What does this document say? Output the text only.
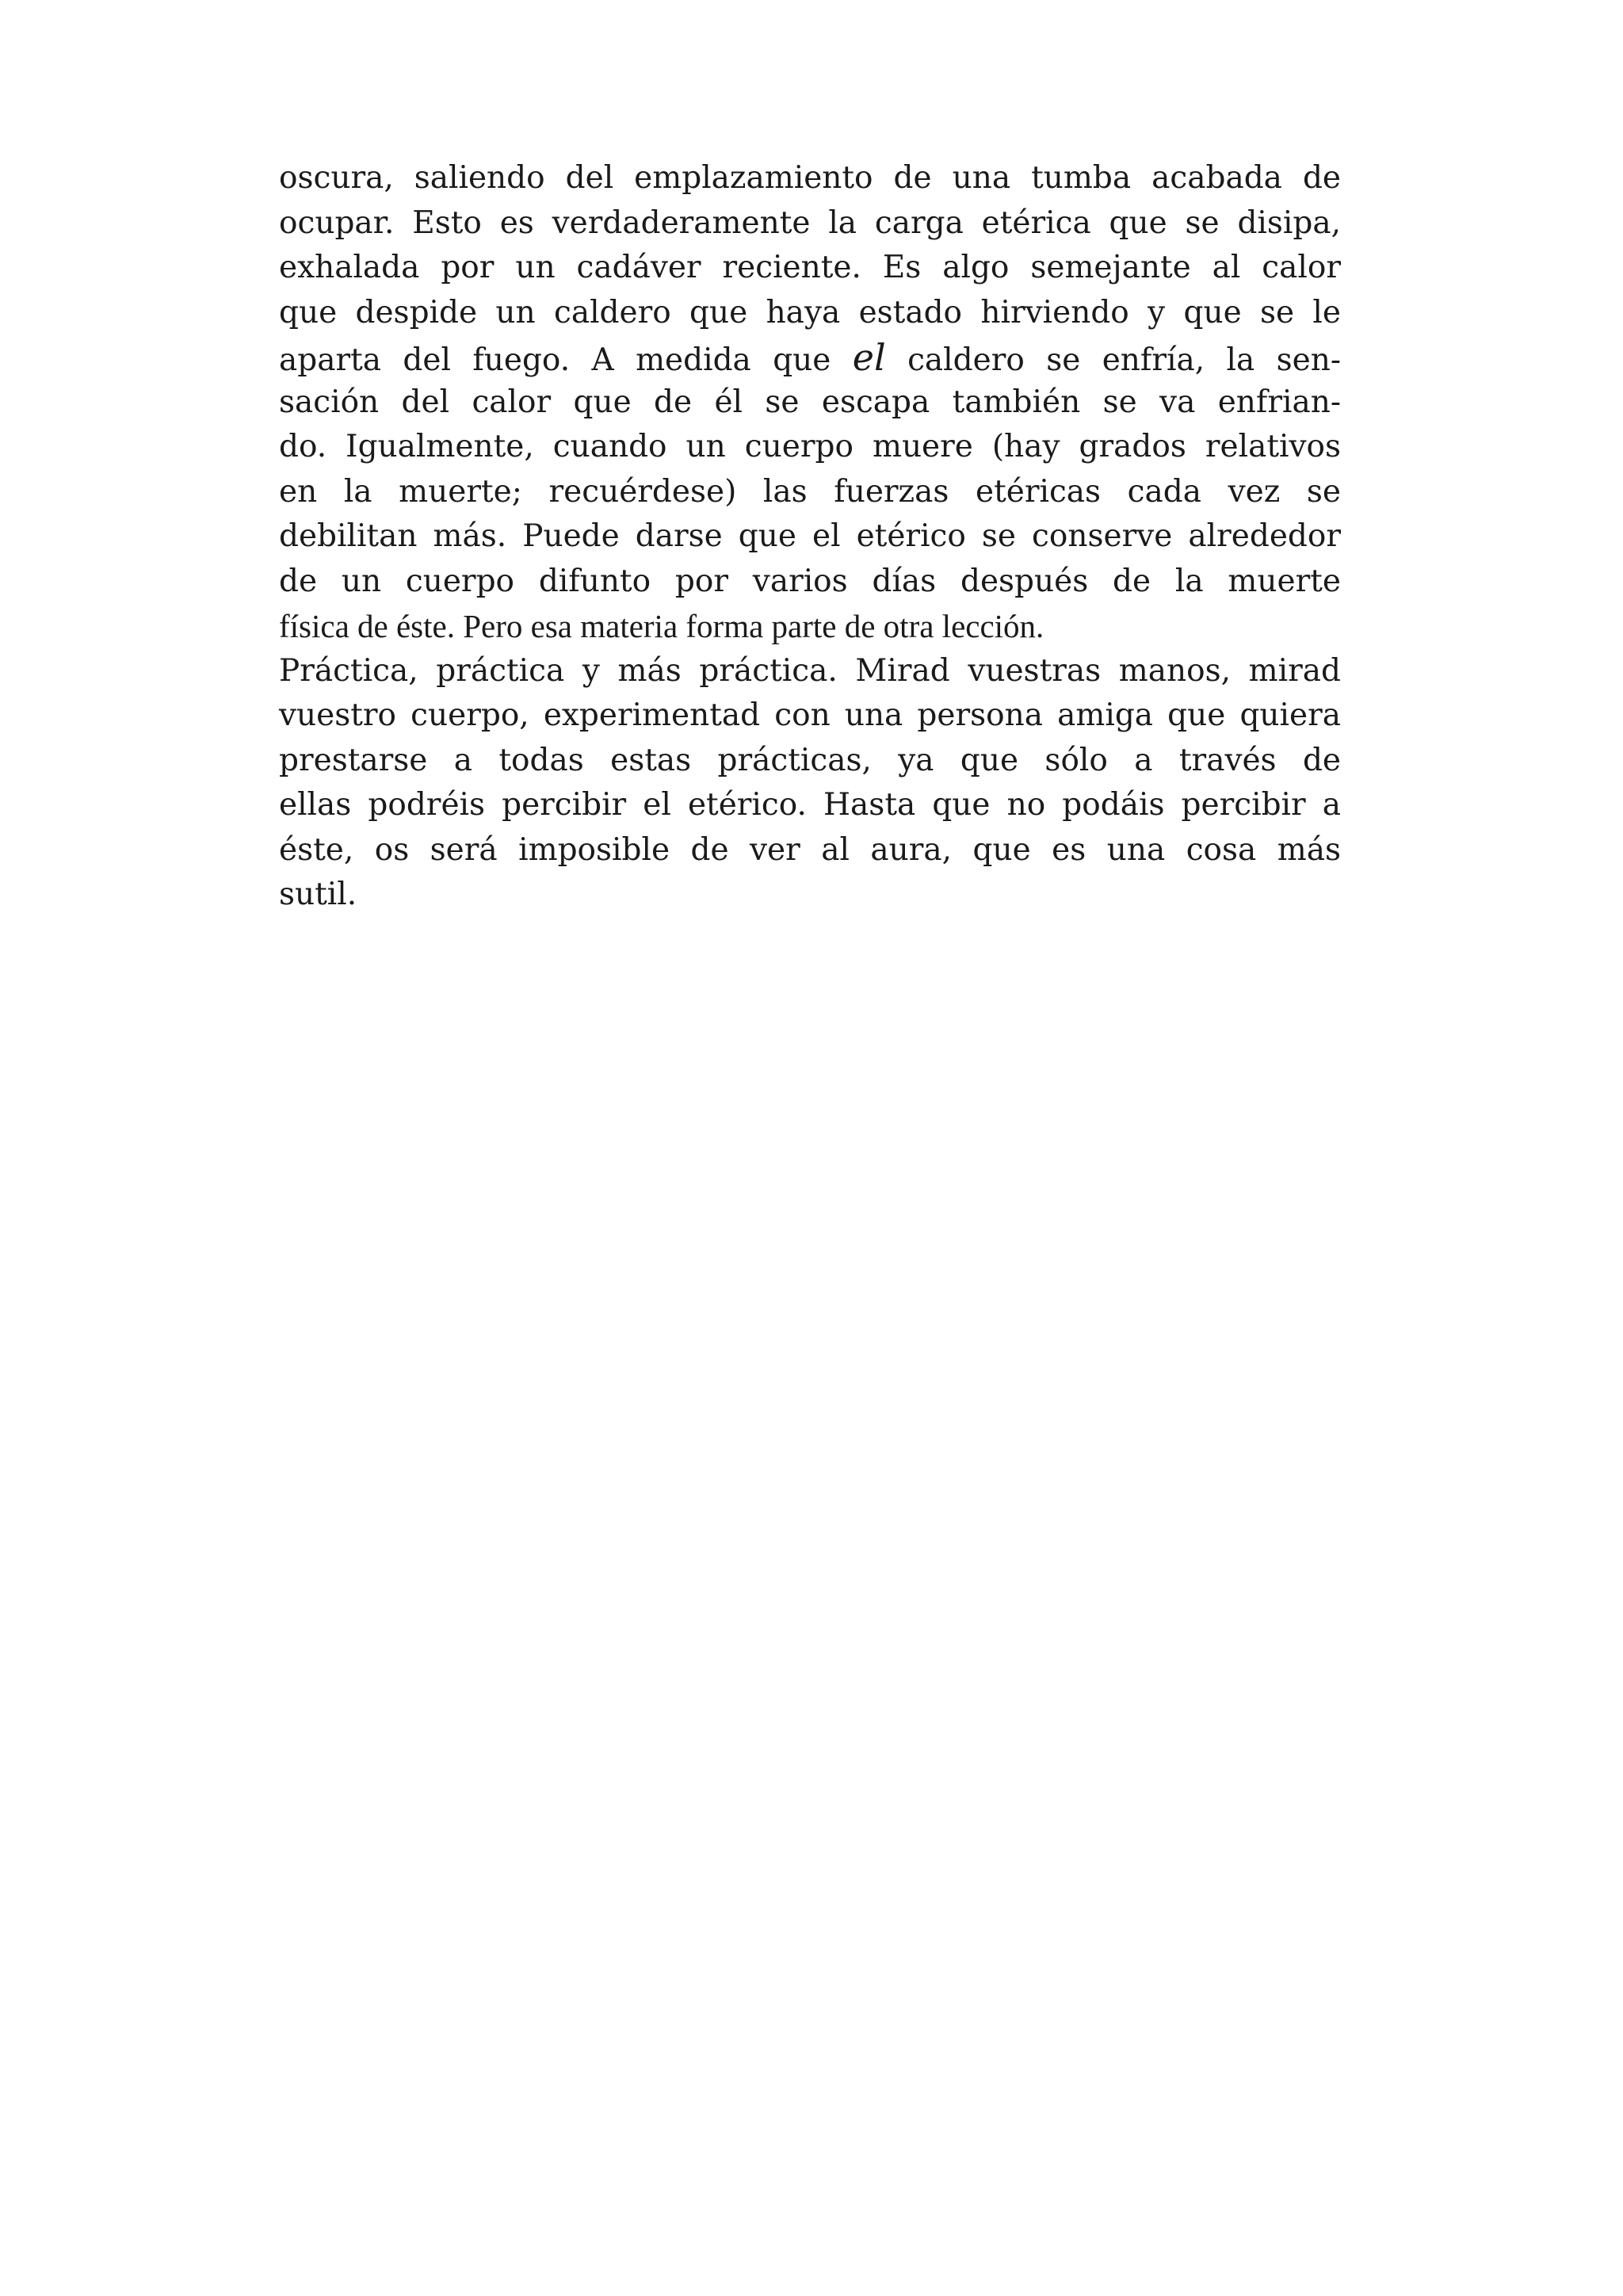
oscura, saliendo del emplazamiento de una tumba acabada de
ocupar. Esto es verdaderamente la carga etérica que se disipa,
exhalada por un cadáver reciente. Es algo semejante al calor
que despide un caldero que haya estado hirviendo y que se le
aparta del fuego. A medida que el caldero se enfría, la sen-
sación del calor que de él se escapa también se va enfrian-
do. Igualmente, cuando un cuerpo muere (hay grados relativos
en la muerte; recuérdese) las fuerzas etéricas cada vez se
debilitan más. Puede darse que el etérico se conserve alrededor
de un cuerpo difunto por varios días después de la muerte
física de éste. Pero esa materia forma parte de otra lección.

Práctica, práctica y más práctica. Mirad vuestras manos, mirad
vuestro cuerpo, experimentad con una persona amiga que quiera
prestarse a todas estas prácticas, ya que sólo a través de
ellas podréis percibir el etérico. Hasta que no podáis percibir a
éste, os será imposible de ver al aura, que es una cosa más
sutil.
